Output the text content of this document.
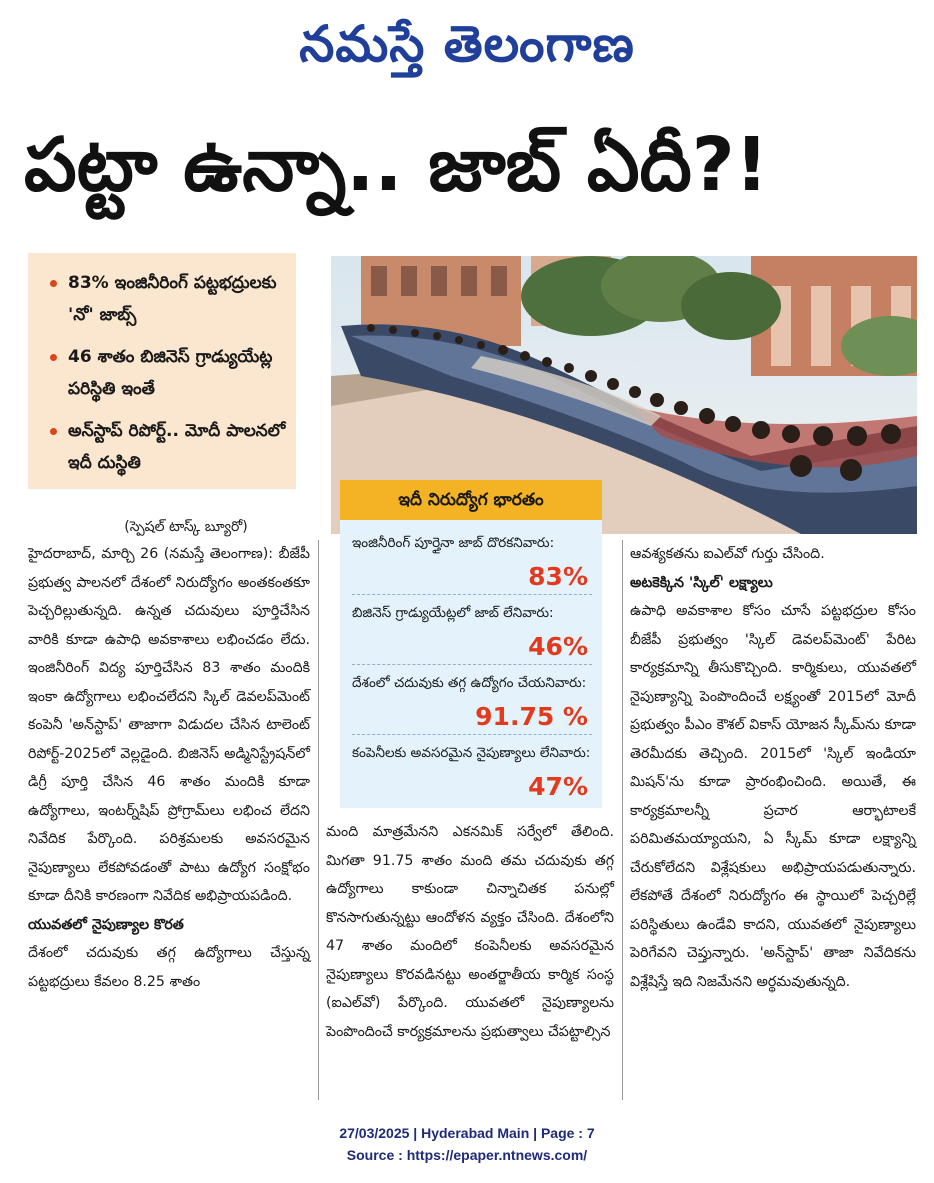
నమస్తే తెలంగాణ
పట్టా ఉన్నా.. జాబ్ ఏదీ?!
83% ఇంజినీరింగ్ పట్టభద్రులకు 'నో' జాబ్స్
46 శాతం బిజినెస్ గ్రాడ్యుయేట్ల పరిస్థితి ఇంతే
అన్‌స్టాప్ రిపోర్ట్.. మోదీ పాలనలో ఇదీ దుస్థితి
ఇదీ నిరుద్యోగ భారతం
ఇంజినీరింగ్ పూర్తైనా జాబ్ దొరకనివారు:
83%
బిజినెస్ గ్రాడ్యుయేట్లలో జాబ్ లేనివారు:
46%
దేశంలో చదువుకు తగ్గ ఉద్యోగం చేయనివారు:
91.75 %
కంపెనీలకు అవసరమైన నైపుణ్యాలు లేనివారు:
47%
(స్పెషల్ టాస్క్ బ్యూరో)

హైదరాబాద్, మార్చి 26 (నమస్తే తెలంగాణ): బీజేపీ ప్రభుత్వ పాలనలో దేశంలో నిరుద్యోగం అంతకంతకూ పెచ్చరిల్లుతున్నది. ఉన్నత చదువులు పూర్తిచేసిన వారికి కూడా ఉపాధి అవకాశాలు లభించడం లేదు. ఇంజినీరింగ్ విద్య పూర్తిచేసిన 83 శాతం మందికి ఇంకా ఉద్యోగాలు లభించలేదని స్కిల్ డెవలప్‌మెంట్ కంపెనీ 'అన్‌స్టాప్' తాజాగా విడుదల చేసిన టాలెంట్ రిపోర్ట్-2025లో వెల్లడైంది. బిజినెస్ అడ్మినిస్ట్రేషన్‌లో డిగ్రీ పూర్తి చేసిన 46 శాతం మందికి కూడా ఉద్యోగాలు, ఇంటర్న్‌షిప్ ప్రోగ్రామ్‌లు లభించ లేదని నివేదిక పేర్కొంది. పరిశ్రమలకు అవసరమైన నైపుణ్యాలు లేకపోవడంతో పాటు ఉద్యోగ సంక్షోభం కూడా దీనికి కారణంగా నివేదిక అభిప్రాయపడింది.

యువతలో నైపుణ్యాల కొరత

దేశంలో చదువుకు తగ్గ ఉద్యోగాలు చేస్తున్న పట్టభద్రులు కేవలం 8.25 శాతం

మంది మాత్రమేనని ఎకనమిక్ సర్వేలో తేలింది. మిగతా 91.75 శాతం మంది తమ చదువుకు తగ్గ ఉద్యోగాలు కాకుండా చిన్నాచితక పనుల్లో కొనసాగుతున్నట్టు ఆందోళన వ్యక్తం చేసింది. దేశంలోని 47 శాతం మందిలో కంపెనీలకు అవసరమైన నైపుణ్యాలు కొరవడినట్టు అంతర్జాతీయ కార్మిక సంస్థ (ఐఎల్‌వో) పేర్కొంది. యువతలో నైపుణ్యాలను పెంపొందించే కార్యక్రమాలను ప్రభుత్వాలు చేపట్టాల్సిన

ఆవశ్యకతను ఐఎల్‌వో గుర్తు చేసింది.

అటకెక్కిన 'స్కిల్' లక్ష్యాలు

ఉపాధి అవకాశాల కోసం చూసే పట్టభద్రుల కోసం బీజేపీ ప్రభుత్వం 'స్కిల్ డెవలప్‌మెంట్' పేరిట కార్యక్రమాన్ని తీసుకొచ్చింది. కార్మికులు, యువతలో నైపుణ్యాన్ని పెంపొందించే లక్ష్యంతో 2015లో మోదీ ప్రభుత్వం పీఎం కౌశల్ వికాస్ యోజన స్కీమ్‌ను కూడా తెరమీదకు తెచ్చింది. 2015లో 'స్కిల్ ఇండియా మిషన్'ను కూడా ప్రారంభించింది. అయితే, ఈ కార్యక్రమాలన్నీ ప్రచార ఆర్భాటాలకే పరిమితమయ్యాయని, ఏ స్కీమ్ కూడా లక్ష్యాన్ని చేరుకోలేదని విశ్లేషకులు అభిప్రాయపడుతున్నారు. లేకపోతే దేశంలో నిరుద్యోగం ఈ స్థాయిలో పెచ్చరిల్లే పరిస్థితులు ఉండేవి కాదని, యువతలో నైపుణ్యాలు పెరిగేవని చెప్తున్నారు. 'అన్‌స్టాప్' తాజా నివేదికను విశ్లేషిస్తే ఇది నిజమేనని అర్థమవుతున్నది.

27/03/2025 | Hyderabad Main | Page : 7
Source : https://epaper.ntnews.com/
